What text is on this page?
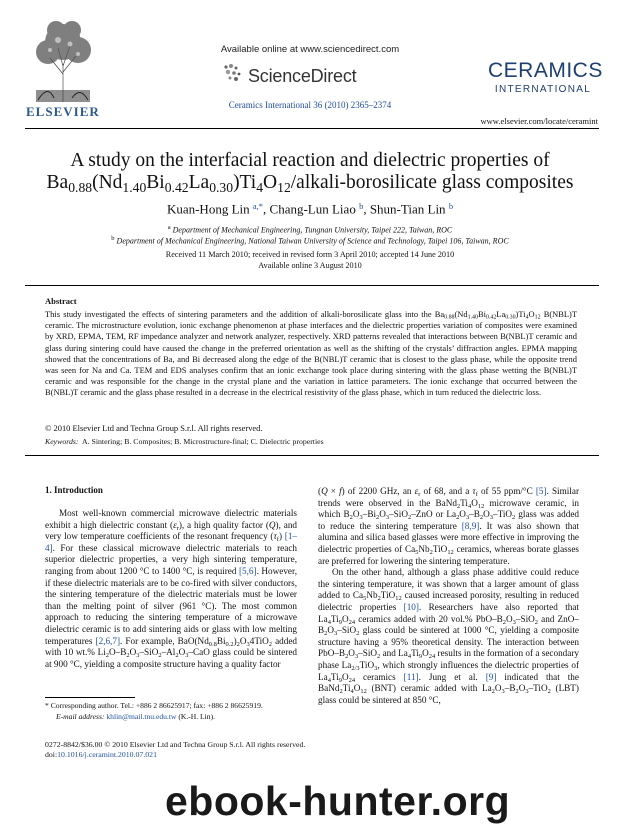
ELSEVIER
Available online at www.sciencedirect.com
ScienceDirect
Ceramics International 36 (2010) 2365–2374
CERAMICS
INTERNATIONAL
www.elsevier.com/locate/ceramint
A study on the interfacial reaction and dielectric properties of
$Ba_{0.88}(Nd_{1.40}Bi_{0.42}La_{0.30})Ti_4O_{12}/alkali$-borosilicate glass composites
Kuan-Hong Lin $^{a,*}$, Chang-Lun Liao $^b$, Shun-Tian Lin $^b$
$^a$ Department of Mechanical Engineering, Tungnan University, Taipei 222, Taiwan, ROC
$^b$ Department of Mechanical Engineering, National Taiwan University of Science and Technology, Taipei 106, Taiwan, ROC
Received 11 March 2010; received in revised form 3 April 2010; accepted 14 June 2010
Available online 3 August 2010
Abstract
This study investigated the effects of sintering parameters and the addition of alkali-borosilicate glass into the $Ba_{0.88}(Nd_{1.40}Bi_{0.42}La_{0.30})Ti_4O_{12}$ B(NBL)T ceramic. The microstructure evolution, ionic exchange phenomenon at phase interfaces and the dielectric properties variation of composites were examined by XRD, EPMA, TEM, RF impedance analyzer and network analyzer, respectively. XRD patterns revealed that interactions between B(NBL)T ceramic and glass during sintering could have caused the change in the preferred orientation as well as the shifting of the crystals’ diffraction angles. EPMA mapping showed that the concentrations of Ba, and Bi decreased along the edge of the B(NBL)T ceramic that is closest to the glass phase, while the opposite trend was seen for Na and Ca. TEM and EDS analyses confirm that an ionic exchange took place during sintering with the glass phase wetting the B(NBL)T ceramic and was responsible for the change in the crystal plane and the variation in lattice parameters. The ionic exchange that occurred between the B(NBL)T ceramic and the glass phase resulted in a decrease in the electrical resistivity of the glass phase, which in turn reduced the dielectric loss.
© 2010 Elsevier Ltd and Techna Group S.r.l. All rights reserved.
Keywords: A. Sintering; B. Composites; B. Microstructure-final; C. Dielectric properties
1. Introduction

Most well-known commercial microwave dielectric materials exhibit a high dielectric constant $(\varepsilon_r)$, a high quality factor (Q), and very low temperature coefficients of the resonant frequency $(\tau_f)$ [1–4]. For these classical microwave dielectric materials to reach superior dielectric properties, a very high sintering temperature, ranging from about 1200 °C to 1400 °C, is required [5,6]. However, if these dielectric materials are to be co-fired with silver conductors, the sintering temperature of the dielectric materials must be lower than the melting point of silver (961 °C). The most common approach to reducing the sintering temperature of a microwave dielectric ceramic is to add sintering aids or glass with low melting temperatures [2,6,7]. For example, $BaO(Nd_{0.8}Bi_{0.2})_2O_34TiO_2$ added with 10 wt.% $Li_2O-B_2O_3-SiO_2-Al_2O_3$–CaO glass could be sintered at 900 °C, yielding a composite structure having a quality factor

(Q × f) of 2200 GHz, an $\varepsilon_r$ of 68, and a $\tau_f$ of 55 ppm/°C [5]. Similar trends were observed in the $BaNd_2Ti_4O_{12}$ microwave ceramic, in which $B_2O_3-Bi_2O_3-SiO_2$–ZnO or $La_2O_3-B_2O_3-TiO_2$ glass was added to reduce the sintering temperature [8,9]. It was also shown that alumina and silica based glasses were more effective in improving the dielectric properties of $Ca_5Nb_2TiO_{12}$ ceramics, whereas borate glasses are preferred for lowering the sintering temperature.

On the other hand, although a glass phase additive could reduce the sintering temperature, it was shown that a larger amount of glass added to $Ca_5Nb_2TiO_{12}$ caused increased porosity, resulting in reduced dielectric properties [10]. Researchers have also reported that $La_4Ti_9O_{24}$ ceramics added with 20 vol.% PbO–$B_2O_3-SiO_2$ and ZnO–$B_2O_3-SiO_2$ glass could be sintered at 1000 °C, yielding a composite structure having a 95% theoretical density. The interaction between PbO–$B_2O_3-SiO_2$ and $La_4Ti_9O_{24}$ results in the formation of a secondary phase $La_{2/3}TiO_3$, which strongly influences the dielectric properties of $La_4Ti_9O_{24}$ ceramics [11]. Jung et al. [9] indicated that the $BaNd_2Ti_4O_{12}$ (BNT) ceramic added with $La_2O_3-B_2O_3-TiO_2$ (LBT) glass could be sintered at 850 °C,

* Corresponding author. Tel.: +886 2 86625917; fax: +886 2 86625919.
E-mail address: khlin@mail.tnu.edu.tw (K.-H. Lin).
0272-8842/$36.00 © 2010 Elsevier Ltd and Techna Group S.r.l. All rights reserved.
doi:10.1016/j.ceramint.2010.07.021
ebook-hunter.org
